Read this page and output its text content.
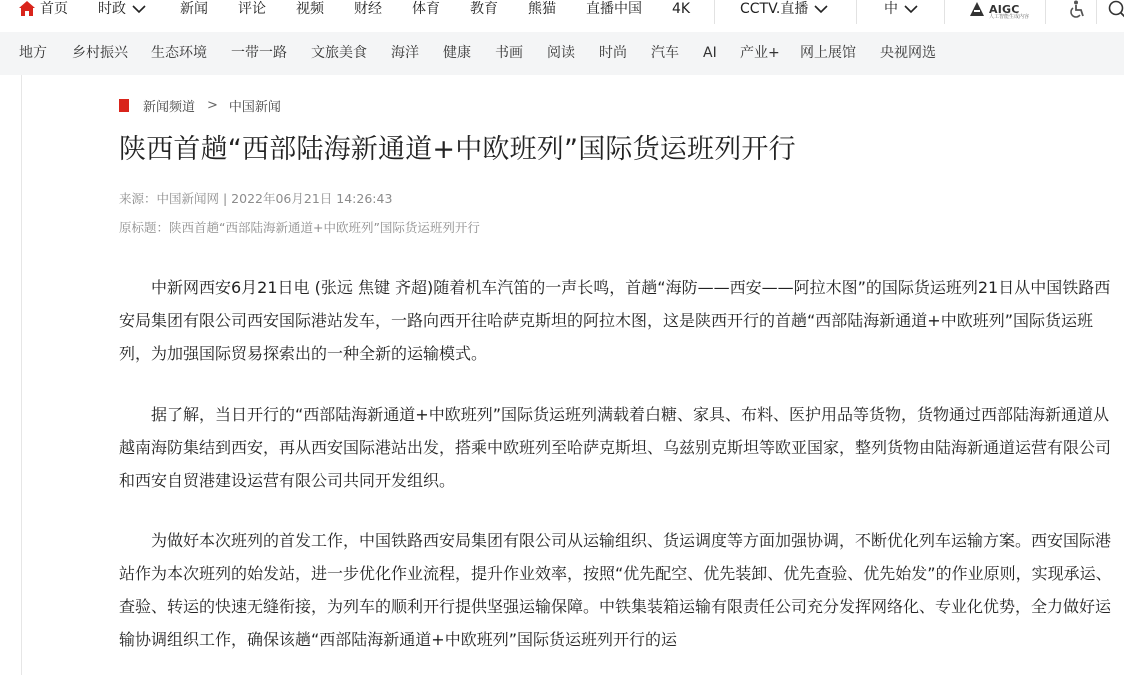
首页 时政	新闻 评论 视频 财经 体育 教育 熊猫 直播中国 4K	CCTV.直播	中	AIGC
人工智能生成内容
地方 乡村振兴 生态环境 一带一路 文旅美食 海洋 健康 书画 阅读 时尚 汽车 AI 产业+ 网上展馆 央视网选
新闻频道 > 中国新闻
陕西首趟“西部陆海新通道+中欧班列”国际货运班列开行
来源：中国新闻网 | 2022年06月21日 14:26:43
原标题：陕西首趟“西部陆海新通道+中欧班列”国际货运班列开行

中新网西安6月21日电 (张远 焦键 齐超)随着机车汽笛的一声长鸣，首趟“海防——西安——阿拉木图”的国际货运班列21日从中国铁路西安局集团有限公司西安国际港站发车，一路向西开往哈萨克斯坦的阿拉木图，这是陕西开行的首趟“西部陆海新通道+中欧班列”国际货运班列，为加强国际贸易探索出的一种全新的运输模式。

据了解，当日开行的“西部陆海新通道+中欧班列”国际货运班列满载着白糖、家具、布料、医护用品等货物，货物通过西部陆海新通道从越南海防集结到西安，再从西安国际港站出发，搭乘中欧班列至哈萨克斯坦、乌兹别克斯坦等欧亚国家，整列货物由陆海新通道运营有限公司和西安自贸港建设运营有限公司共同开发组织。

为做好本次班列的首发工作，中国铁路西安局集团有限公司从运输组织、货运调度等方面加强协调，不断优化列车运输方案。西安国际港站作为本次班列的始发站，进一步优化作业流程，提升作业效率，按照“优先配空、优先装卸、优先查验、优先始发”的作业原则，实现承运、查验、转运的快速无缝衔接，为列车的顺利开行提供坚强运输保障。中铁集装箱运输有限责任公司充分发挥网络化、专业化优势，全力做好运输协调组织工作，确保该趟“西部陆海新通道+中欧班列”国际货运班列开行的运
